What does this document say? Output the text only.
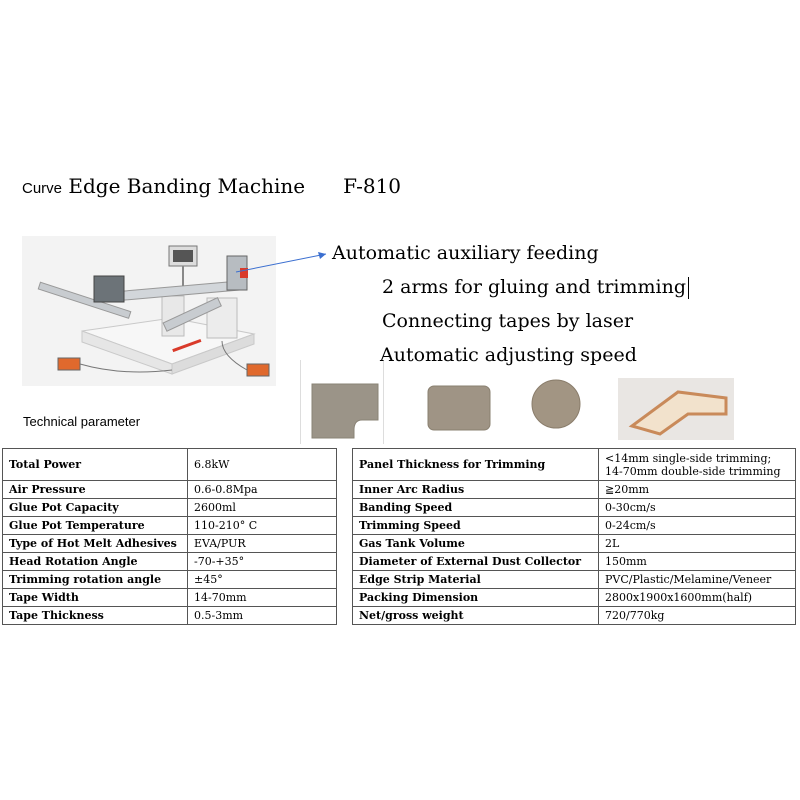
Curve Edge Banding Machine F-810
Automatic auxiliary feeding
2 arms for gluing and trimming
Connecting tapes by laser
Automatic adjusting speed
Technical parameter
Total Power	6.8kW
Air Pressure	0.6-0.8Mpa
Glue Pot Capacity	2600ml
Glue Pot Temperature	110-210° C
Type of Hot Melt Adhesives	EVA/PUR
Head Rotation Angle	-70-+35°
Trimming rotation angle	±45°
Tape Width	14-70mm
Tape Thickness	0.5-3mm
Panel Thickness for Trimming	<14mm single-side trimming;
14-70mm double-side trimming

Inner Arc Radius	≧20mm
Banding Speed	0-30cm/s
Trimming Speed	0-24cm/s
Gas Tank Volume	2L
Diameter of External Dust Collector	150mm
Edge Strip Material	PVC/Plastic/Melamine/Veneer
Packing Dimension	2800x1900x1600mm(half)
Net/gross weight	720/770kg
